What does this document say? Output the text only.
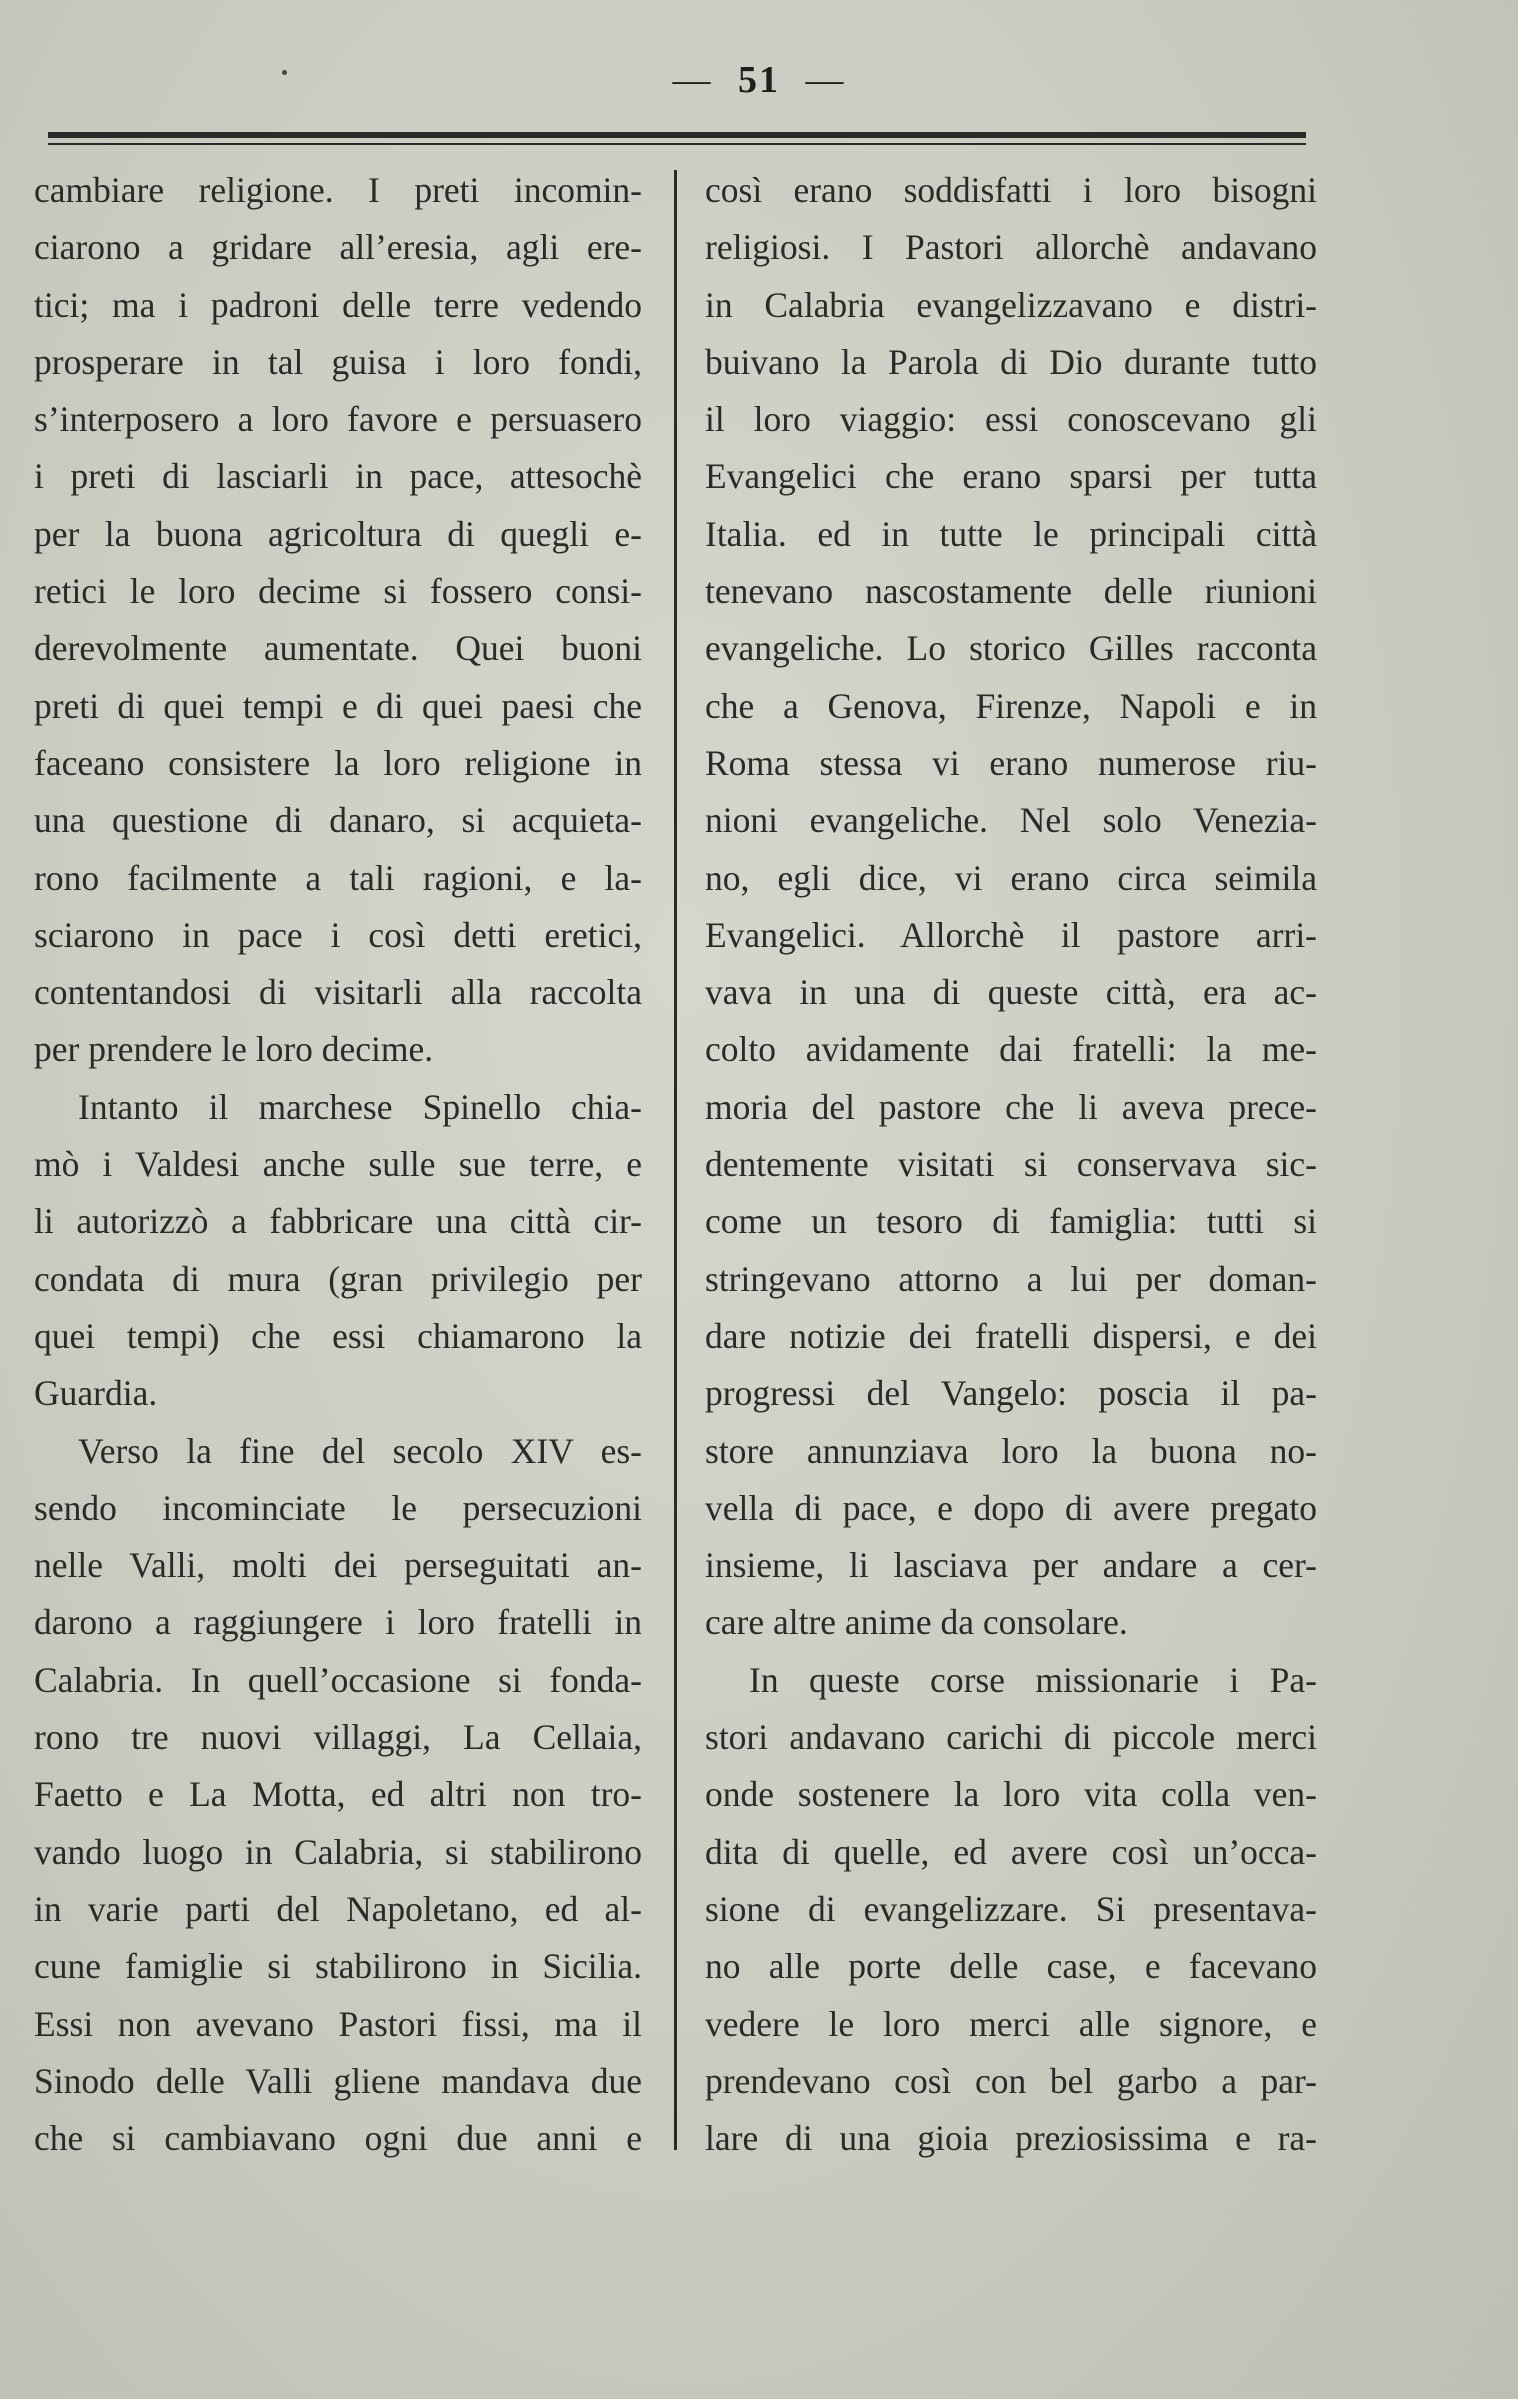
— 51 —
cambiare religione. I preti incomin-
ciarono a gridare all’eresia, agli ere-
tici; ma i padroni delle terre vedendo
prosperare in tal guisa i loro fondi,
s’interposero a loro favore e persuasero
i preti di lasciarli in pace, attesochè
per la buona agricoltura di quegli e-
retici le loro decime si fossero consi-
derevolmente aumentate. Quei buoni
preti di quei tempi e di quei paesi che
faceano consistere la loro religione in
una questione di danaro, si acquieta-
rono facilmente a tali ragioni, e la-
sciarono in pace i così detti eretici,
contentandosi di visitarli alla raccolta
per prendere le loro decime.
Intanto il marchese Spinello chia-
mò i Valdesi anche sulle sue terre, e
li autorizzò a fabbricare una città cir-
condata di mura (gran privilegio per
quei tempi) che essi chiamarono la
Guardia.
Verso la fine del secolo XIV es-
sendo incominciate le persecuzioni
nelle Valli, molti dei perseguitati an-
darono a raggiungere i loro fratelli in
Calabria. In quell’occasione si fonda-
rono tre nuovi villaggi, La Cellaia,
Faetto e La Motta, ed altri non tro-
vando luogo in Calabria, si stabilirono
in varie parti del Napoletano, ed al-
cune famiglie si stabilirono in Sicilia.
Essi non avevano Pastori fissi, ma il
Sinodo delle Valli gliene mandava due
che si cambiavano ogni due anni e
così erano soddisfatti i loro bisogni
religiosi. I Pastori allorchè andavano
in Calabria evangelizzavano e distri-
buivano la Parola di Dio durante tutto
il loro viaggio: essi conoscevano gli
Evangelici che erano sparsi per tutta
Italia. ed in tutte le principali città
tenevano nascostamente delle riunioni
evangeliche. Lo storico Gilles racconta
che a Genova, Firenze, Napoli e in
Roma stessa vi erano numerose riu-
nioni evangeliche. Nel solo Venezia-
no, egli dice, vi erano circa seimila
Evangelici. Allorchè il pastore arri-
vava in una di queste città, era ac-
colto avidamente dai fratelli: la me-
moria del pastore che li aveva prece-
dentemente visitati si conservava sic-
come un tesoro di famiglia: tutti si
stringevano attorno a lui per doman-
dare notizie dei fratelli dispersi, e dei
progressi del Vangelo: poscia il pa-
store annunziava loro la buona no-
vella di pace, e dopo di avere pregato
insieme, li lasciava per andare a cer-
care altre anime da consolare.
In queste corse missionarie i Pa-
stori andavano carichi di piccole merci
onde sostenere la loro vita colla ven-
dita di quelle, ed avere così un’occa-
sione di evangelizzare. Si presentava-
no alle porte delle case, e facevano
vedere le loro merci alle signore, e
prendevano così con bel garbo a par-
lare di una gioia preziosissima e ra-
